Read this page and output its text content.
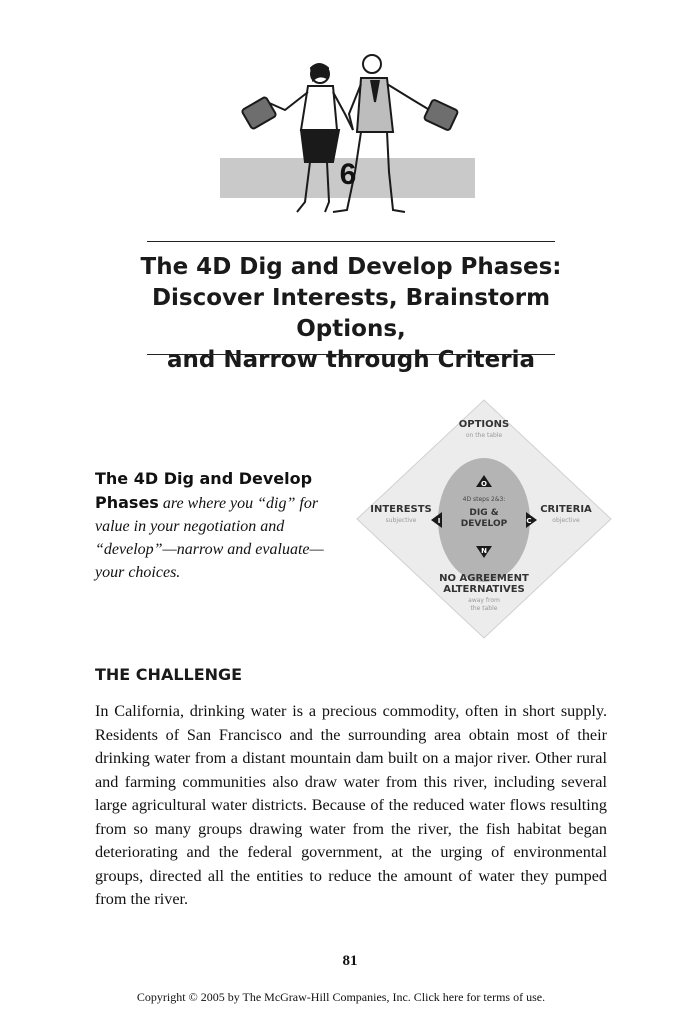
6
The 4D Dig and Develop Phases:
Discover Interests, Brainstorm Options,
and Narrow through Criteria
The 4D Dig and Develop Phases are where you “dig” for value in your negotiation and “develop”—narrow and evaluate—your choices.
OPTIONS
on the table
INTERESTS
subjective
CRITERIA
objective
NO AGREEMENT
ALTERNATIVES
away from
the table
O
I	C
N
4D steps 2&3:
DIG &
DEVELOP
THE CHALLENGE
In California, drinking water is a precious commodity, often in short supply. Residents of San Francisco and the surrounding area obtain most of their drinking water from a distant mountain dam built on a major river. Other rural and farming communities also draw water from this river, including several large agricultural water districts. Because of the reduced water flows resulting from so many groups drawing water from the river, the fish habitat began deteriorating and the federal government, at the urging of environmental groups, directed all the entities to reduce the amount of water they pumped from the river.
81
Copyright © 2005 by The McGraw-Hill Companies, Inc. Click here for terms of use.
